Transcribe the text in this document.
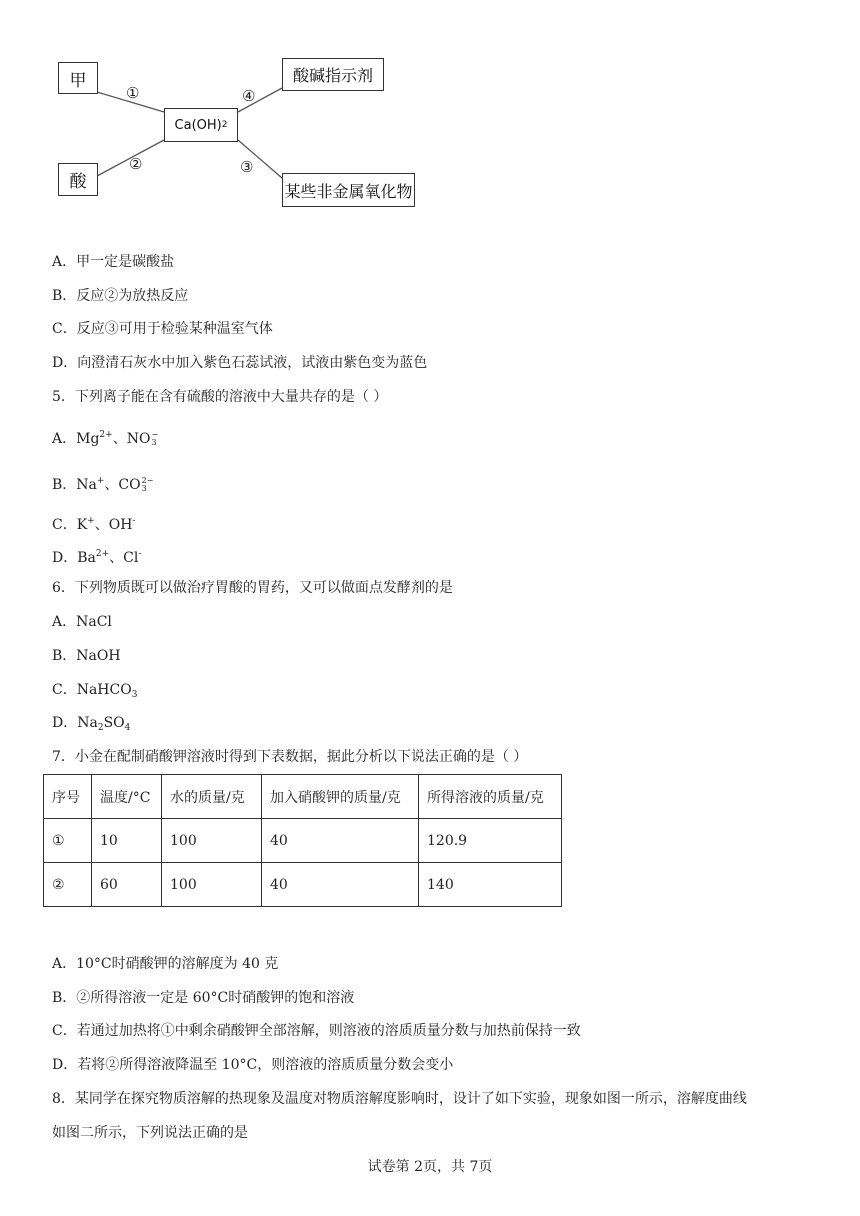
甲
酸
Ca(OH) 2
酸碱指示剂
某些非金属氧化物
①
②	③
④
A．甲一定是碳酸盐
B．反应②为放热反应
C．反应③可用于检验某种温室气体
D．向澄清石灰水中加入紫色石蕊试液，试液由紫色变为蓝色
5．下列离子能在含有硫酸的溶液中大量共存的是（ ）
A．$Mg^{2+}$、NO −
3
B．Na+、CO 2−
3
C．K+、OH-
D．$Ba^{2+}$、Cl-
6．下列物质既可以做治疗胃酸的胃药，又可以做面点发酵剂的是
A．NaCl
B．NaOH
C．NaHCO$_3$
D．$Na_2SO_4$
7．小金在配制硝酸钾溶液时得到下表数据，据此分析以下说法正确的是（ ）
序号	温度/°C	水的质量/克	加入硝酸钾的质量/克	所得溶液的质量/克
①	10	100	40	120.9
②	60	100	40	140
A．10°C时硝酸钾的溶解度为 40 克
B．②所得溶液一定是 60°C时硝酸钾的饱和溶液
C．若通过加热将①中剩余硝酸钾全部溶解，则溶液的溶质质量分数与加热前保持一致
D．若将②所得溶液降温至 10°C，则溶液的溶质质量分数会变小
8．某同学在探究物质溶解的热现象及温度对物质溶解度影响时，设计了如下实验，现象如图一所示，溶解度曲线
如图二所示，下列说法正确的是
试卷第 2页，共 7页
